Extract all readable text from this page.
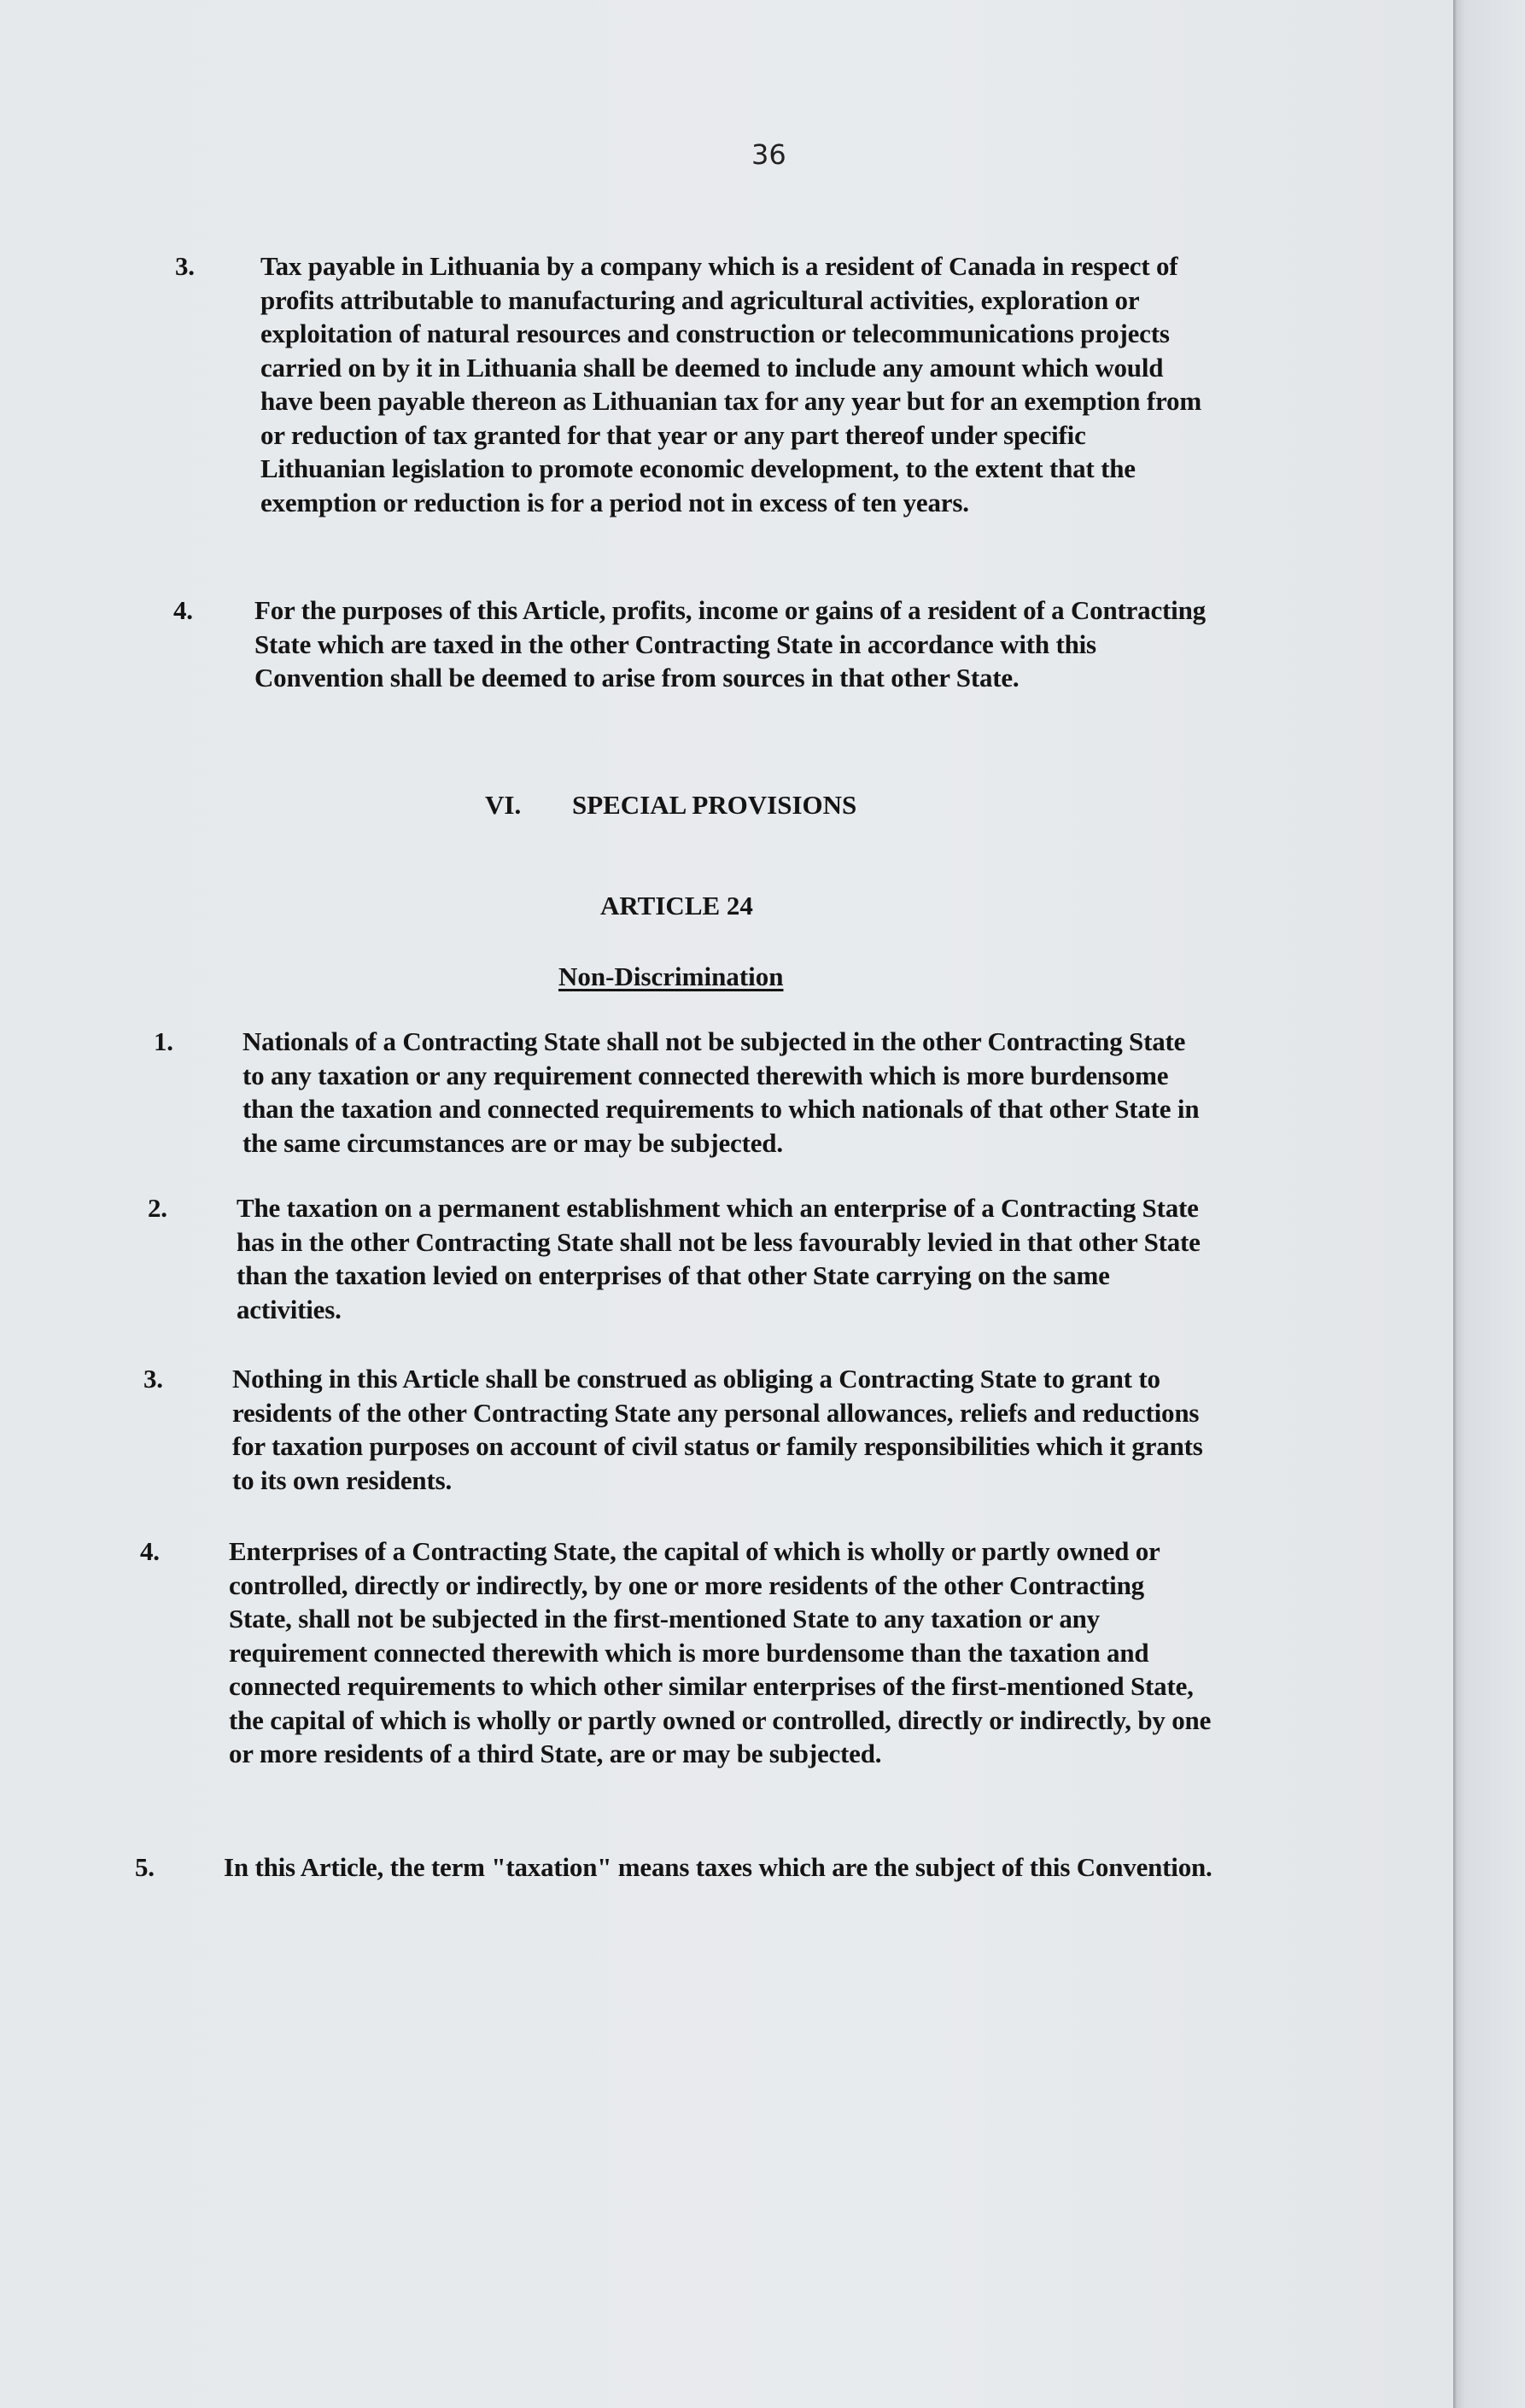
36
3. Tax payable in Lithuania by a company which is a resident of Canada in respect of profits attributable to manufacturing and agricultural activities, exploration or exploitation of natural resources and construction or telecommunications projects carried on by it in Lithuania shall be deemed to include any amount which would have been payable thereon as Lithuanian tax for any year but for an exemption from or reduction of tax granted for that year or any part thereof under specific Lithuanian legislation to promote economic development, to the extent that the exemption or reduction is for a period not in excess of ten years.
4. For the purposes of this Article, profits, income or gains of a resident of a Contracting State which are taxed in the other Contracting State in accordance with this Convention shall be deemed to arise from sources in that other State.
VI. SPECIAL PROVISIONS
ARTICLE 24
Non-Discrimination
1.	Nationals of a Contracting State shall not be subjected in the other Contracting State to any taxation or any requirement connected therewith which is more burdensome than the taxation and connected requirements to which nationals of that other State in the same circumstances are or may be subjected.
2.	The taxation on a permanent establishment which an enterprise of a Contracting State has in the other Contracting State shall not be less favourably levied in that other State than the taxation levied on enterprises of that other State carrying on the same activities.
3.	Nothing in this Article shall be construed as obliging a Contracting State to grant to residents of the other Contracting State any personal allowances, reliefs and reductions for taxation purposes on account of civil status or family responsibilities which it grants to its own residents.
4.	Enterprises of a Contracting State, the capital of which is wholly or partly owned or controlled, directly or indirectly, by one or more residents of the other Contracting State, shall not be subjected in the first-mentioned State to any taxation or any requirement connected therewith which is more burdensome than the taxation and connected requirements to which other similar enterprises of the first-mentioned State, the capital of which is wholly or partly owned or controlled, directly or indirectly, by one or more residents of a third State, are or may be subjected.
5.	In this Article, the term "taxation" means taxes which are the subject of this Convention.
